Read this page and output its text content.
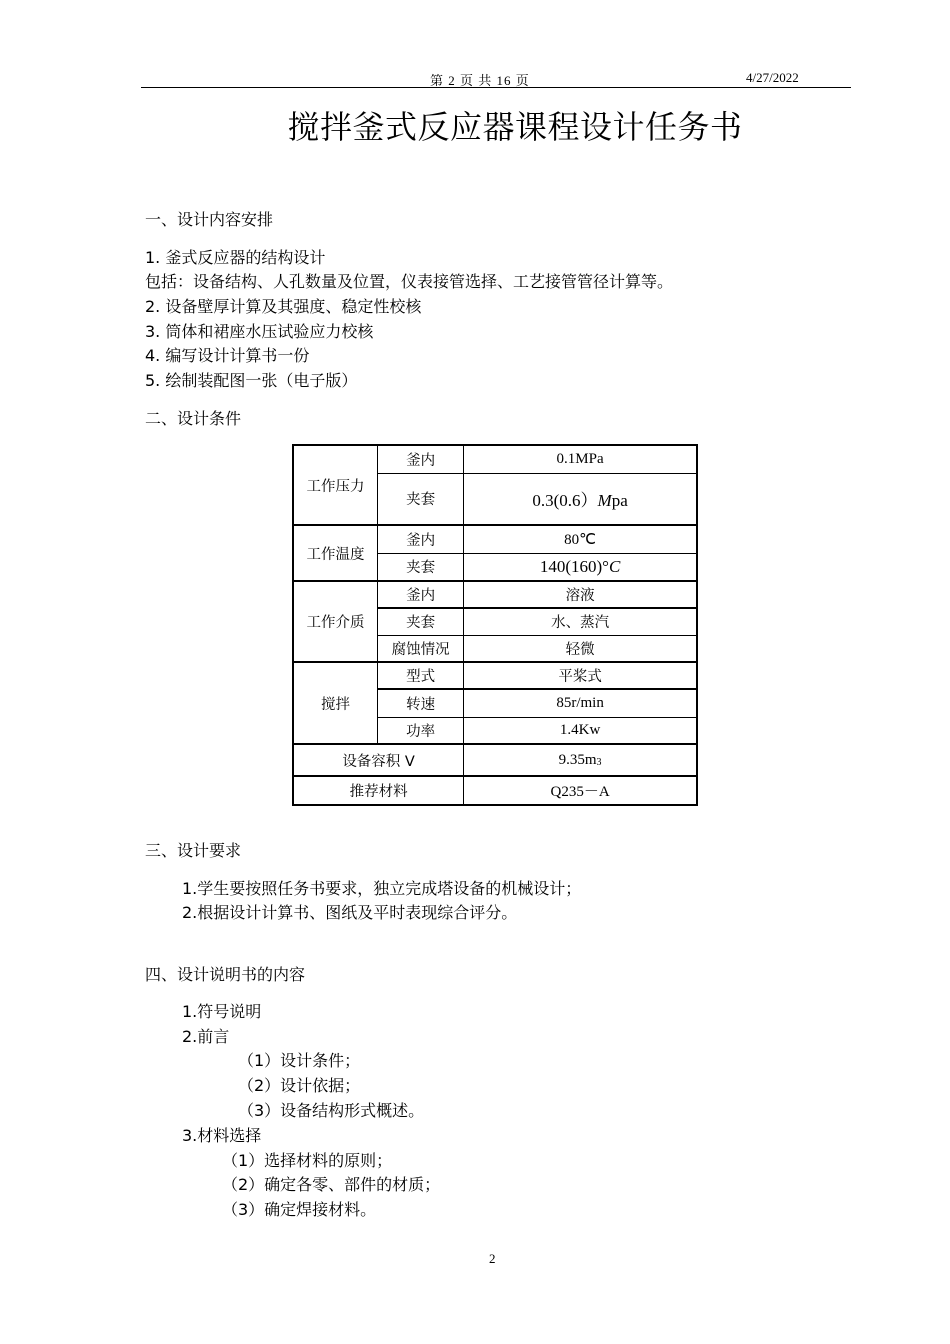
第 2 页 共 16 页	4/27/2022
搅拌釜式反应器课程设计任务书
一、设计内容安排
1. 釜式反应器的结构设计
包括：设备结构、人孔数量及位置，仪表接管选择、工艺接管管径计算等。
2. 设备壁厚计算及其强度、稳定性校核
3. 筒体和裙座水压试验应力校核
4. 编写设计计算书一份
5. 绘制装配图一张（电子版）
二、设计条件
工作压力	釜内	0.1MPa
	夹套	0.3(0.6）Mpa
工作温度	釜内	80℃
	夹套	140(160)°C
工作介质	釜内	溶液
	夹套	水、蒸汽
	腐蚀情况	轻微
搅拌	型式	平桨式
	转速	85r/min
	功率	1.4Kw
设备容积 V		9.35m3
推荐材料		Q235－A
三、设计要求
1.学生要按照任务书要求，独立完成塔设备的机械设计；
2.根据设计计算书、图纸及平时表现综合评分。
四、设计说明书的内容
1.符号说明
2.前言
（1）设计条件；
（2）设计依据；
（3）设备结构形式概述。
3.材料选择
（1）选择材料的原则；
（2）确定各零、部件的材质；
（3）确定焊接材料。
2
